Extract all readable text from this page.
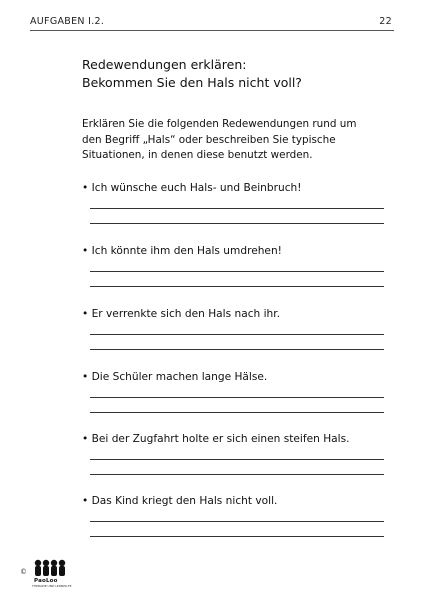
AUFGABEN I.2.	22
Redewendungen erklären:
Bekommen Sie den Hals nicht voll?
Erklären Sie die folgenden Redewendungen rund um
den Begriff „Hals“ oder beschreiben Sie typische
Situationen, in denen diese benutzt werden.
• Ich wünsche euch Hals- und Beinbruch!
• Ich könnte ihm den Hals umdrehen!
• Er verrenkte sich den Hals nach ihr.
• Die Schüler machen lange Hälse.
• Bei der Zugfahrt holte er sich einen steifen Hals.
• Das Kind kriegt den Hals nicht voll.
©
PaoLoo
THERAPIE UND LERNHILFE
